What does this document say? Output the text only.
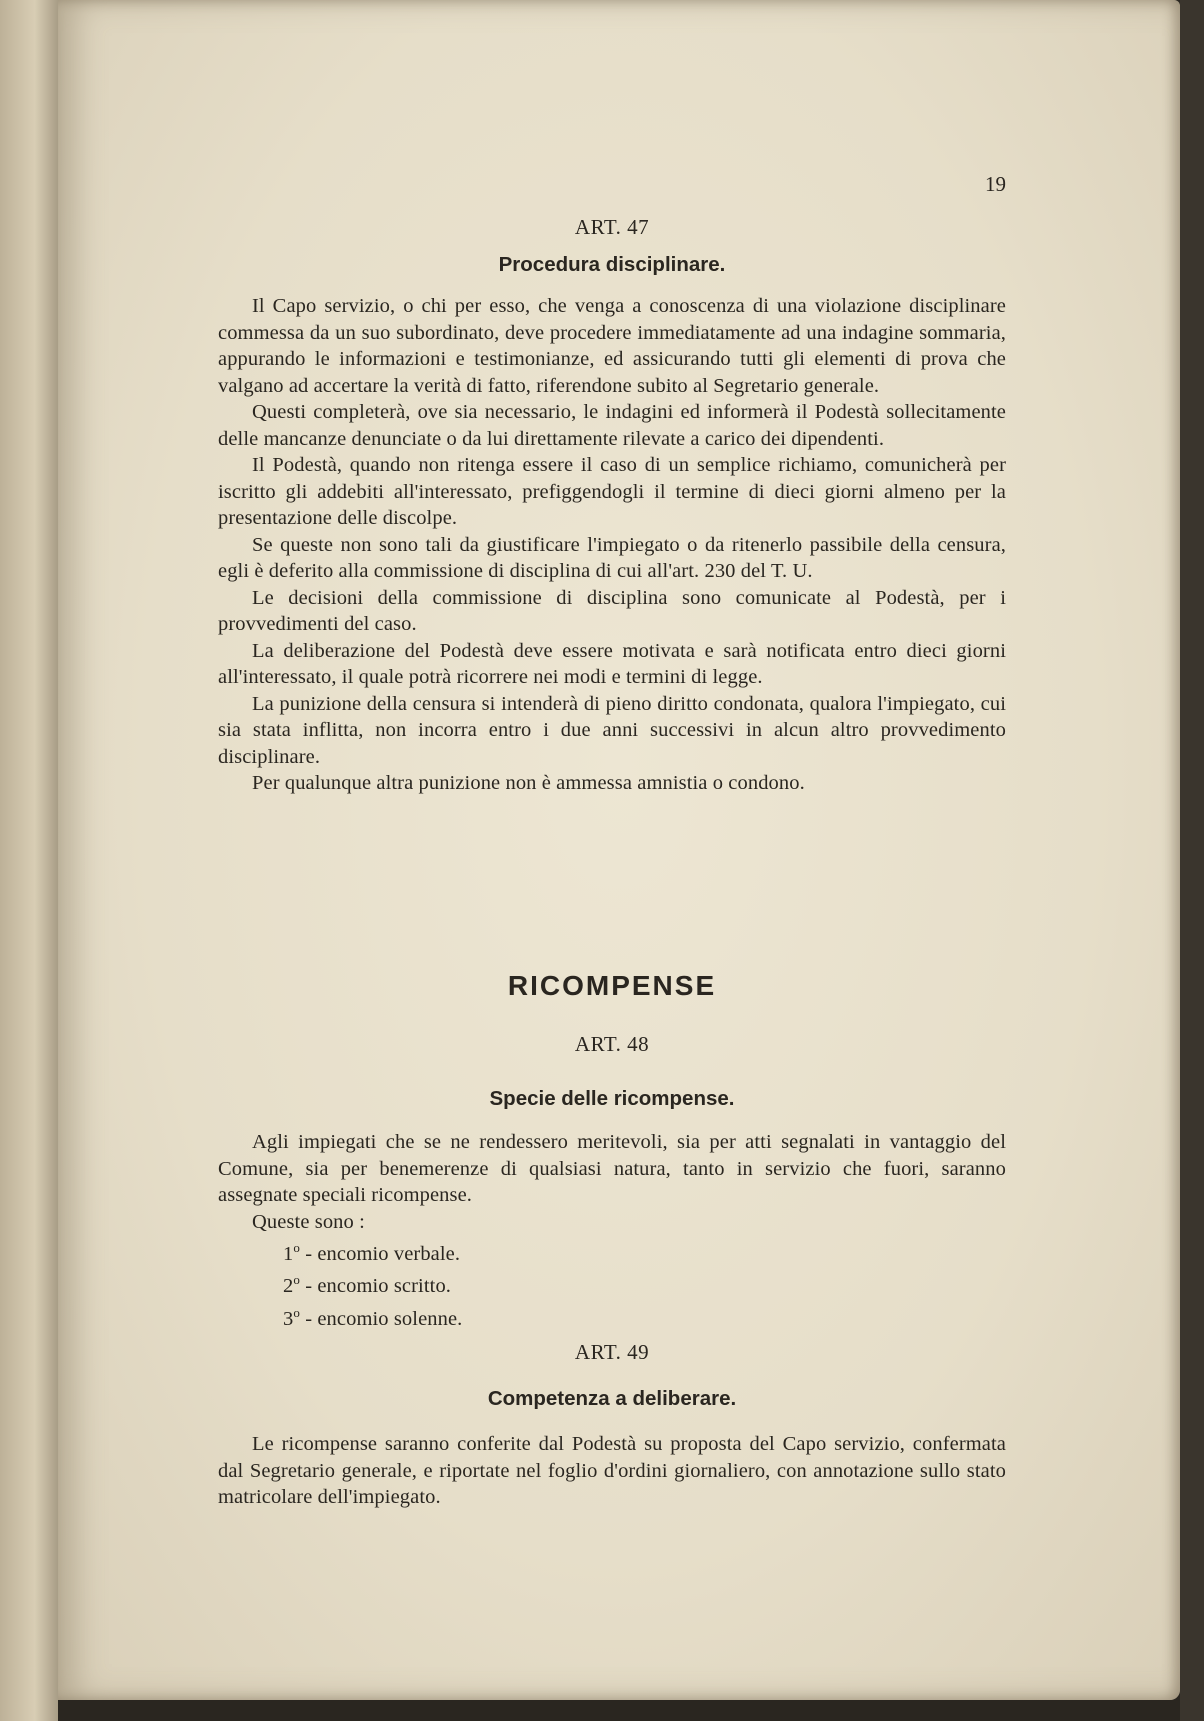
19

ART. 47

Procedura disciplinare.

Il Capo servizio, o chi per esso, che venga a conoscenza di una violazione disciplinare commessa da un suo subordinato, deve procedere immediatamente ad una indagine sommaria, appurando le informazioni e testimonianze, ed assicurando tutti gli elementi di prova che valgano ad accertare la verità di fatto, riferendone subito al Segretario generale.

Questi completerà, ove sia necessario, le indagini ed informerà il Podestà sollecitamente delle mancanze denunciate o da lui direttamente rilevate a carico dei dipendenti.

Il Podestà, quando non ritenga essere il caso di un semplice richiamo, comunicherà per iscritto gli addebiti all'interessato, prefiggendogli il termine di dieci giorni almeno per la presentazione delle discolpe.

Se queste non sono tali da giustificare l'impiegato o da ritenerlo passibile della censura, egli è deferito alla commissione di disciplina di cui all'art. 230 del T. U.

Le decisioni della commissione di disciplina sono comunicate al Podestà, per i provvedimenti del caso.

La deliberazione del Podestà deve essere motivata e sarà notificata entro dieci giorni all'interessato, il quale potrà ricorrere nei modi e termini di legge.

La punizione della censura si intenderà di pieno diritto condonata, qualora l'impiegato, cui sia stata inflitta, non incorra entro i due anni successivi in alcun altro provvedimento disciplinare.

Per qualunque altra punizione non è ammessa amnistia o condono.

RICOMPENSE

ART. 48

Specie delle ricompense.

Agli impiegati che se ne rendessero meritevoli, sia per atti segnalati in vantaggio del Comune, sia per benemerenze di qualsiasi natura, tanto in servizio che fuori, saranno assegnate speciali ricompense.

Queste sono :

1$^o$ - encomio verbale.

2$^o$ - encomio scritto.

3$^o$ - encomio solenne.

ART. 49

Competenza a deliberare.

Le ricompense saranno conferite dal Podestà su proposta del Capo servizio, confermata dal Segretario generale, e riportate nel foglio d'ordini giornaliero, con annotazione sullo stato matricolare dell'impiegato.
